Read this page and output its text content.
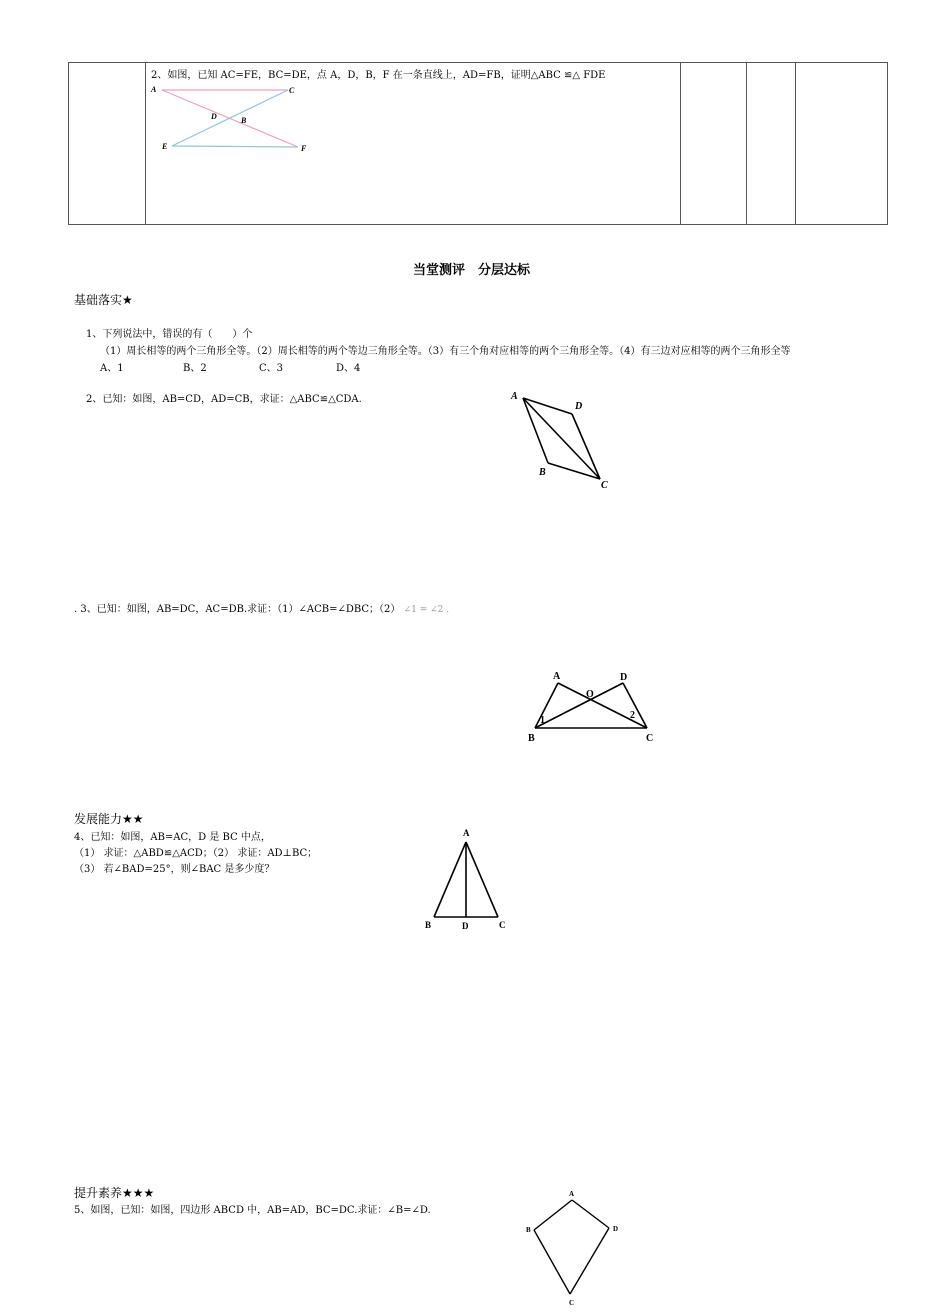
2、如图，已知 AC=FE，BC=DE，点 A，D，B，F 在一条直线上，AD=FB，证明△ABC ≌△ FDE
A	C
D	B
E	F

当堂测评　分层达标
基础落实★
1、下列说法中，错误的有（　　）个
（1）周长相等的两个三角形全等。（2）周长相等的两个等边三角形全等。（3）有三个角对应相等的两个三角形全等。（4）有三边对应相等的两个三角形全等
A、1	B、2	C、3	D、4
2、已知：如图，AB=CD，AD=CB，求证：△ABC≌△CDA.	A
D
B
C
. 3、已知：如图，AB=DC，AC=DB.求证：（1）∠ACB=∠DBC；（2） ∠1 = ∠2 .
A	D
O
1	2
B	C
发展能力★★
4、已知：如图，AB=AC，D 是 BC 中点，
（1） 求证：△ABD≌△ACD；（2） 求证：AD⊥BC；
（3） 若∠BAD=25°，则∠BAC 是多少度？
A
B	D	C
提升素养★★★
5、如图，已知：如图，四边形 ABCD 中，AB=AD，BC=DC.求证：∠B=∠D.
A
B	D
C
